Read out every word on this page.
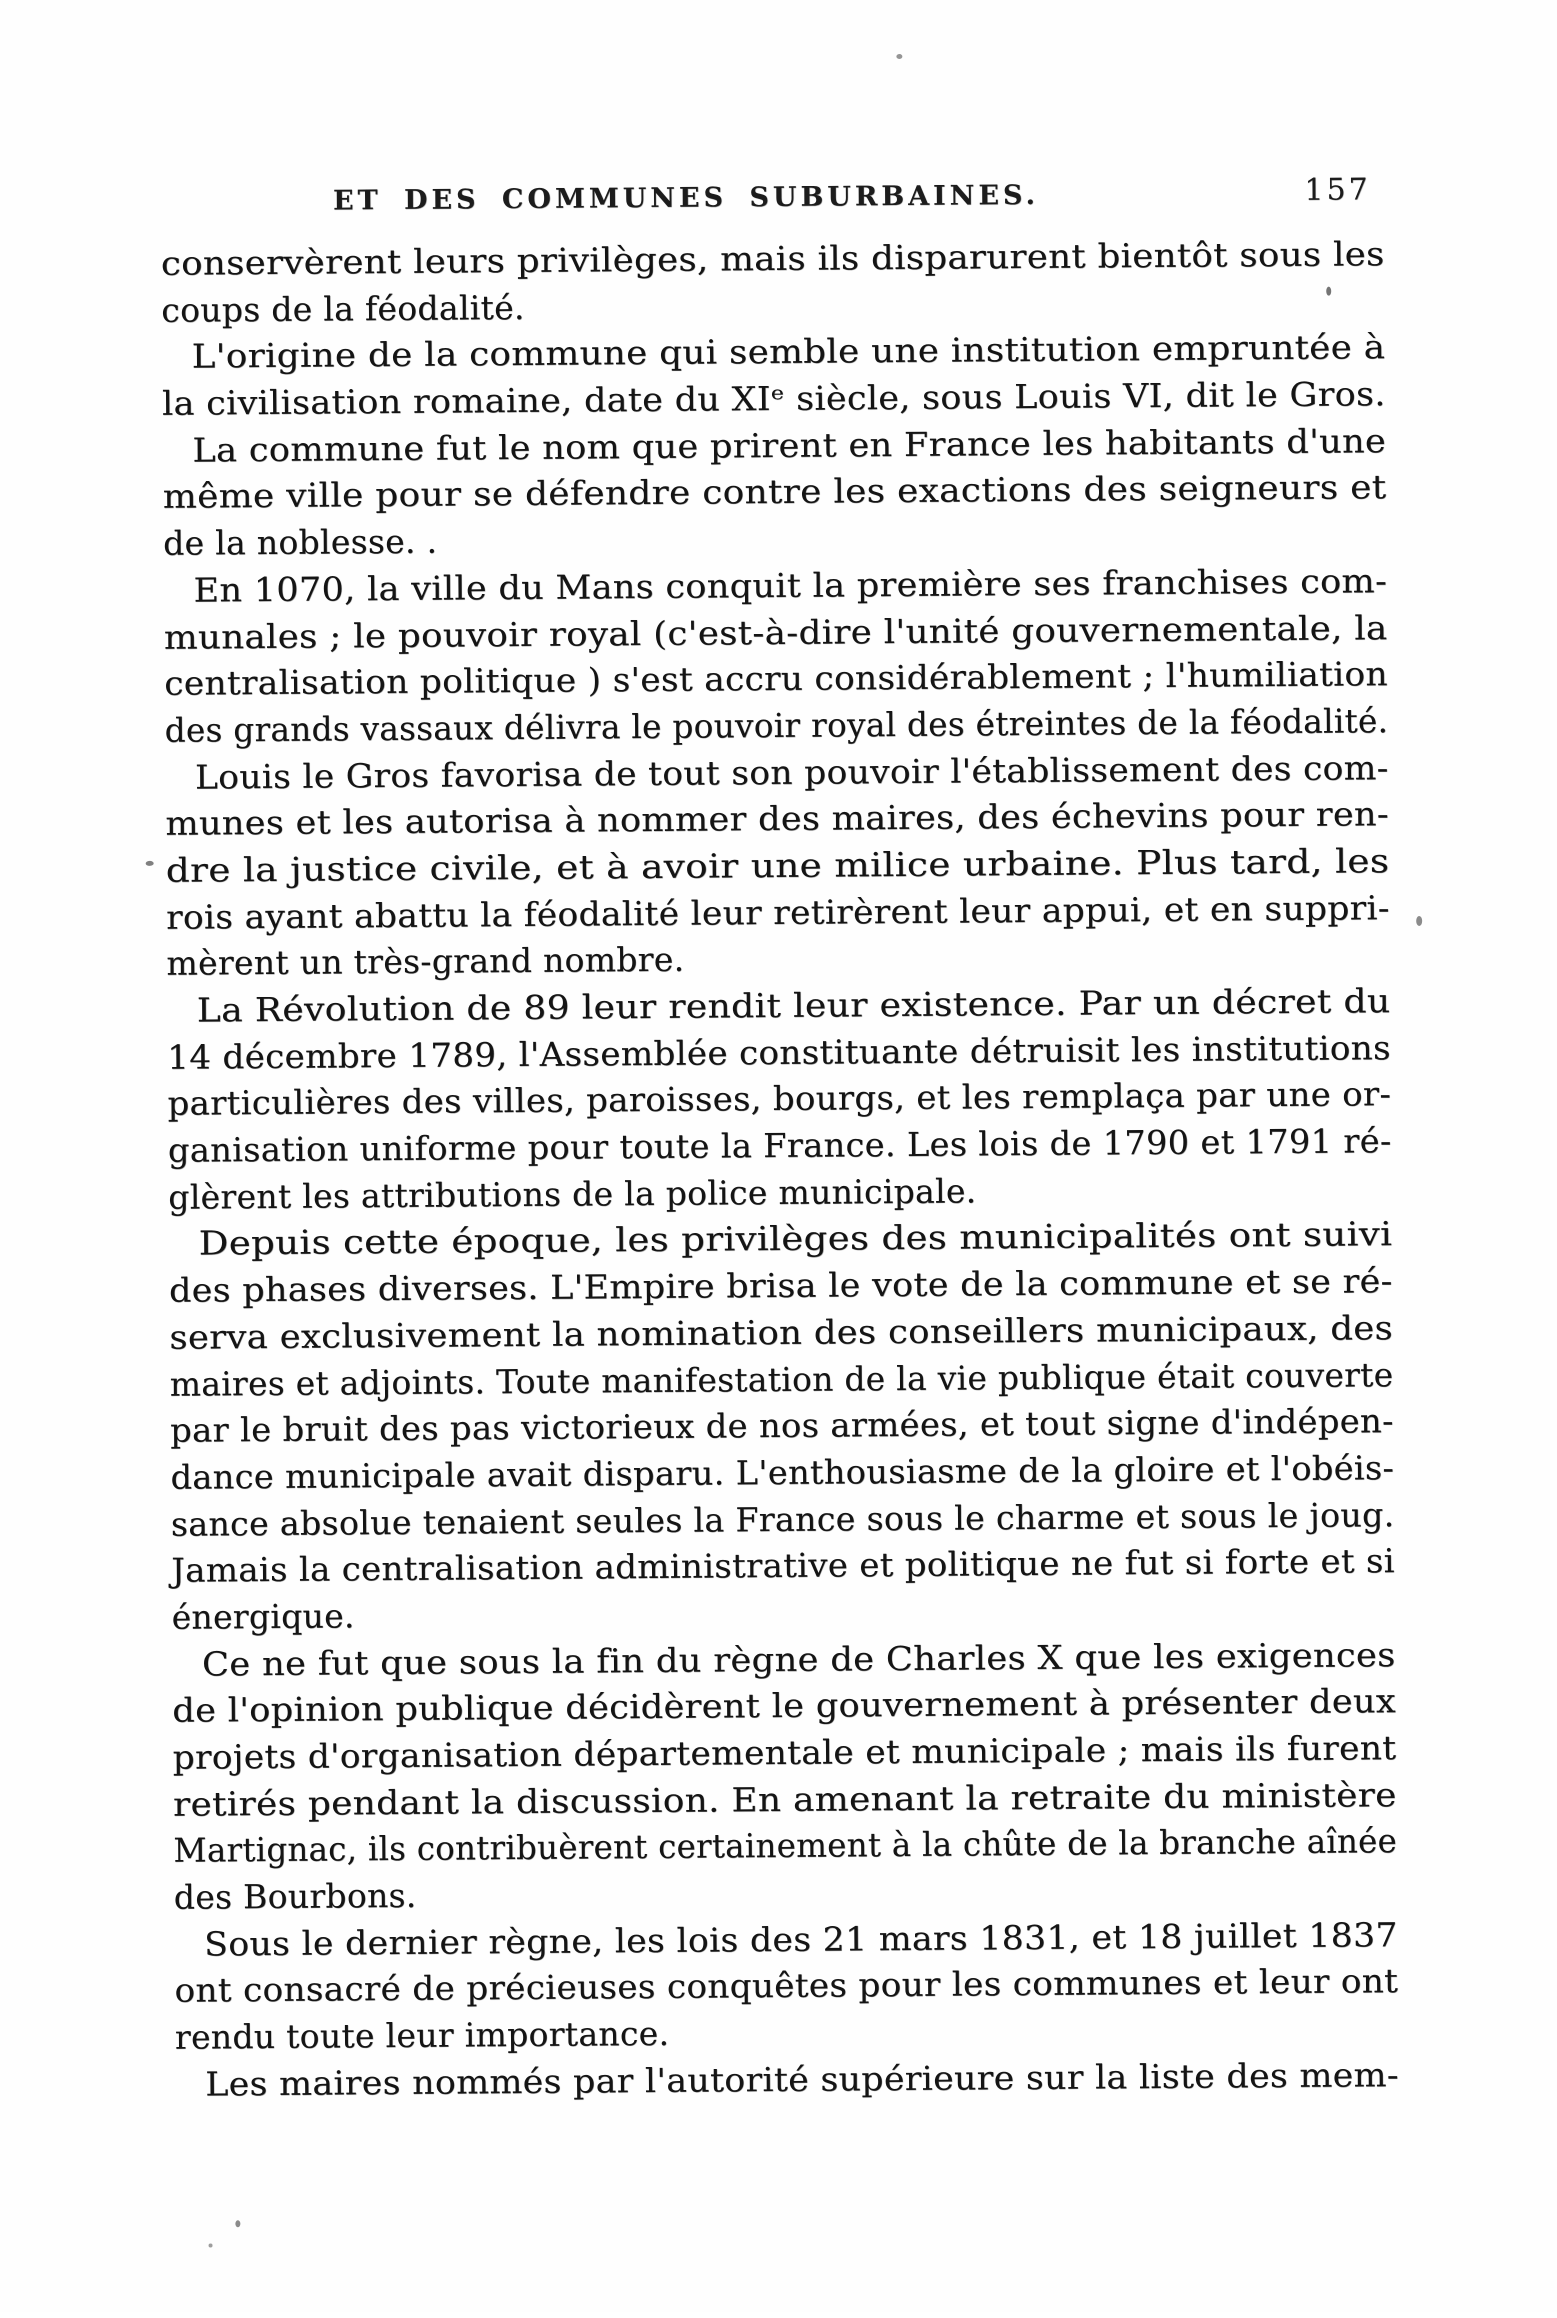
ET DES COMMUNES SUBURBAINES.	157
conservèrent leurs privilèges, mais ils disparurent bientôt sous les
coups de la féodalité.
L'origine de la commune qui semble une institution empruntée à
la civilisation romaine, date du XIᵉ siècle, sous Louis VI, dit le Gros.
La commune fut le nom que prirent en France les habitants d'une
même ville pour se défendre contre les exactions des seigneurs et
de la noblesse. .
En 1070, la ville du Mans conquit la première ses franchises com-
munales ; le pouvoir royal (c'est-à-dire l'unité gouvernementale, la
centralisation politique ) s'est accru considérablement ; l'humiliation
des grands vassaux délivra le pouvoir royal des étreintes de la féodalité.
Louis le Gros favorisa de tout son pouvoir l'établissement des com-
munes et les autorisa à nommer des maires, des échevins pour ren-
dre la justice civile, et à avoir une milice urbaine. Plus tard, les
rois ayant abattu la féodalité leur retirèrent leur appui, et en suppri-
mèrent un très-grand nombre.
La Révolution de 89 leur rendit leur existence. Par un décret du
14 décembre 1789, l'Assemblée constituante détruisit les institutions
particulières des villes, paroisses, bourgs, et les remplaça par une or-
ganisation uniforme pour toute la France. Les lois de 1790 et 1791 ré-
glèrent les attributions de la police municipale.
Depuis cette époque, les privilèges des municipalités ont suivi
des phases diverses. L'Empire brisa le vote de la commune et se ré-
serva exclusivement la nomination des conseillers municipaux, des
maires et adjoints. Toute manifestation de la vie publique était couverte
par le bruit des pas victorieux de nos armées, et tout signe d'indépen-
dance municipale avait disparu. L'enthousiasme de la gloire et l'obéis-
sance absolue tenaient seules la France sous le charme et sous le joug.
Jamais la centralisation administrative et politique ne fut si forte et si
énergique.
Ce ne fut que sous la fin du règne de Charles X que les exigences
de l'opinion publique décidèrent le gouvernement à présenter deux
projets d'organisation départementale et municipale ; mais ils furent
retirés pendant la discussion. En amenant la retraite du ministère
Martignac, ils contribuèrent certainement à la chûte de la branche aînée
des Bourbons.
Sous le dernier règne, les lois des 21 mars 1831, et 18 juillet 1837
ont consacré de précieuses conquêtes pour les communes et leur ont
rendu toute leur importance.
Les maires nommés par l'autorité supérieure sur la liste des mem-
